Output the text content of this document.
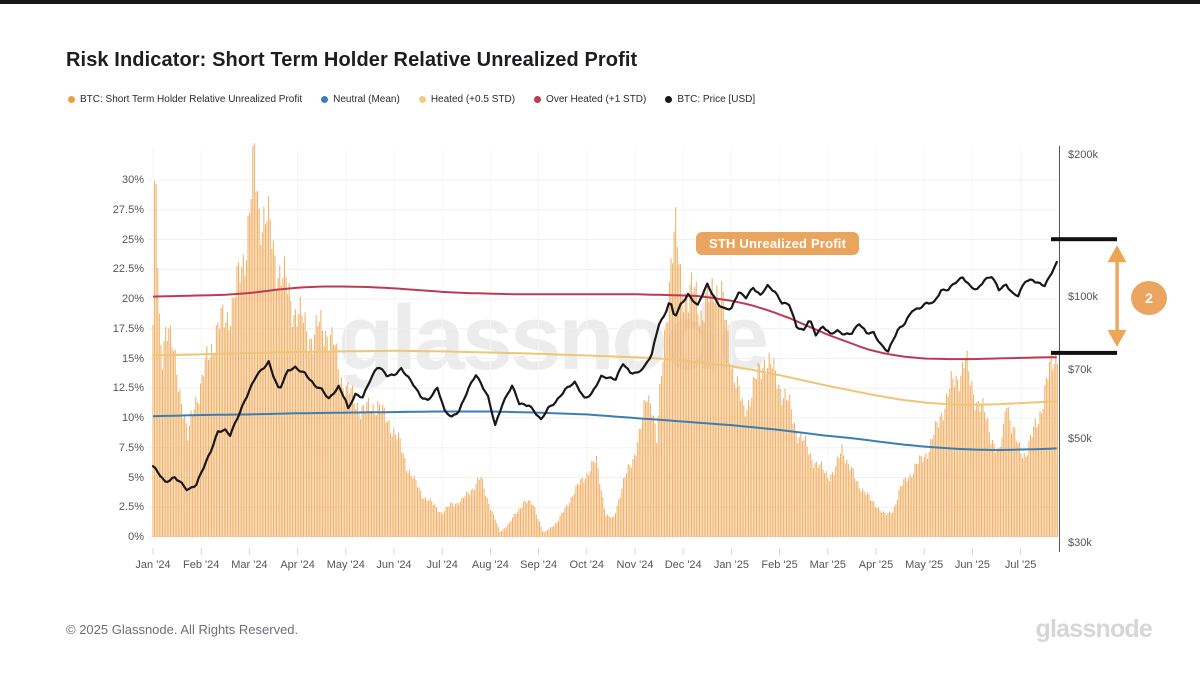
Risk Indicator: Short Term Holder Relative Unrealized Profit
BTC: Short Term Holder Relative Unrealized Profit	Neutral (Mean)	Heated (+0.5 STD)	Over Heated (+1 STD)	BTC: Price [USD]
glassnode
30%
27.5%
25%
22.5%
20%
17.5%
15%
12.5%
10%
7.5%
5%
2.5%
0%
$200k
$100k
$70k
$50k
$30k
Jan '24	Feb '24	Mar '24	Apr '24	May '24	Jun '24	Jul '24	Aug '24	Sep '24	Oct '24	Nov '24	Dec '24	Jan '25	Feb '25	Mar '25	Apr '25	May '25	Jun '25	Jul '25
STH Unrealized Profit
2
© 2025 Glassnode. All Rights Reserved.	glassnode
